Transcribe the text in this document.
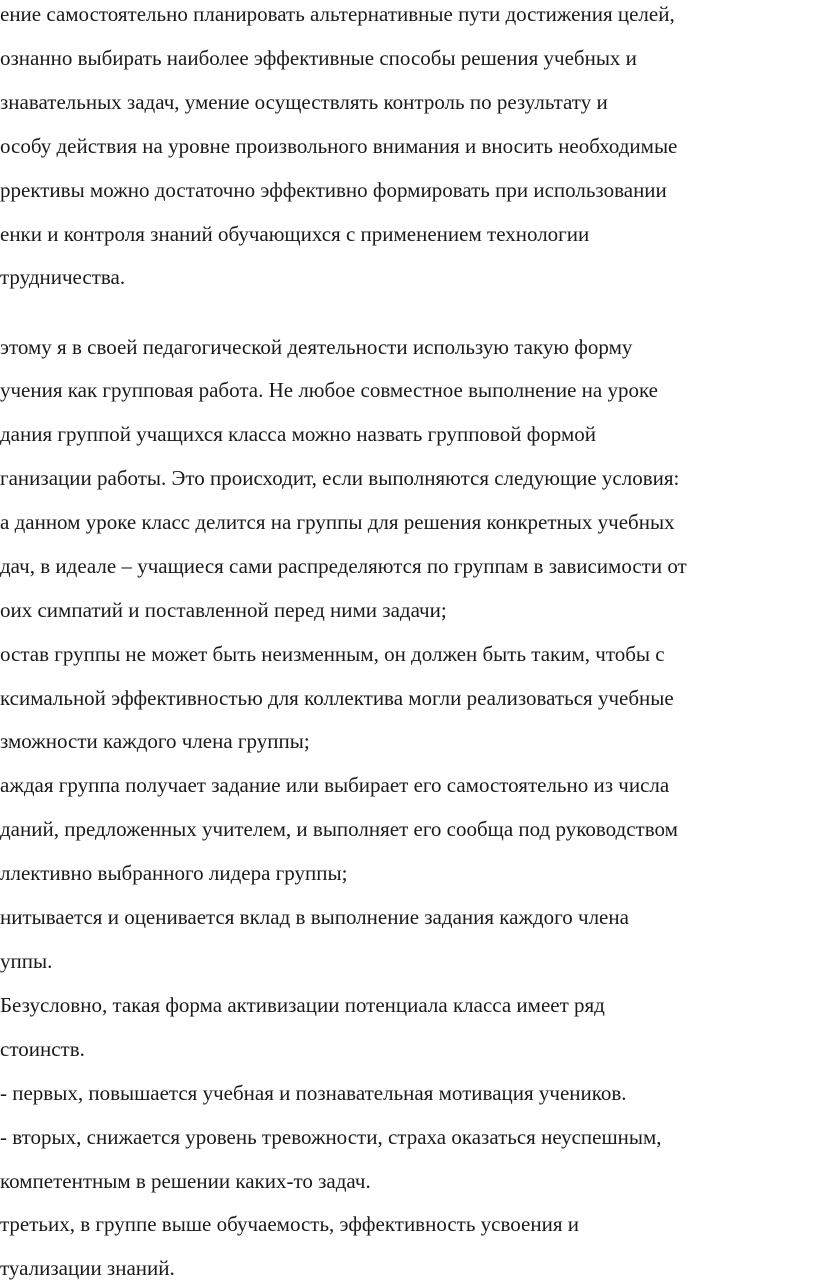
ение самостоятельно планировать альтернативные пути достижения целей,
ознанно выбирать наиболее эффективные способы решения учебных и
знавательных задач, умение осуществлять контроль по результату и
особу действия на уровне произвольного внимания и вносить необходимые
ррективы можно достаточно эффективно формировать при использовании
енки и контроля знаний обучающихся с применением технологии
трудничества.
этому я в своей педагогической деятельности использую такую форму
учения как групповая работа. Не любое совместное выполнение на уроке
дания группой учащихся класса можно назвать групповой формой
ганизации работы. Это происходит, если выполняются следующие условия:
а данном уроке класс делится на группы для решения конкретных учебных
дач, в идеале – учащиеся сами распределяются по группам в зависимости от
оих симпатий и поставленной перед ними задачи;
остав группы не может быть неизменным, он должен быть таким, чтобы с
ксимальной эффективностью для коллектива могли реализоваться учебные
зможности каждого члена группы;
аждая группа получает задание или выбирает его самостоятельно из числа
даний, предложенных учителем, и выполняет его сообща под руководством
ллективно выбранного лидера группы;
нитывается и оценивается вклад в выполнение задания каждого члена
уппы.
Безусловно, такая форма активизации потенциала класса имеет ряд
стоинств.
- первых, повышается учебная и познавательная мотивация учеников.
- вторых, снижается уровень тревожности, страха оказаться неуспешным,
компетентным в решении каких-то задач.
третьих, в группе выше обучаемость, эффективность усвоения и
туализации знаний.
